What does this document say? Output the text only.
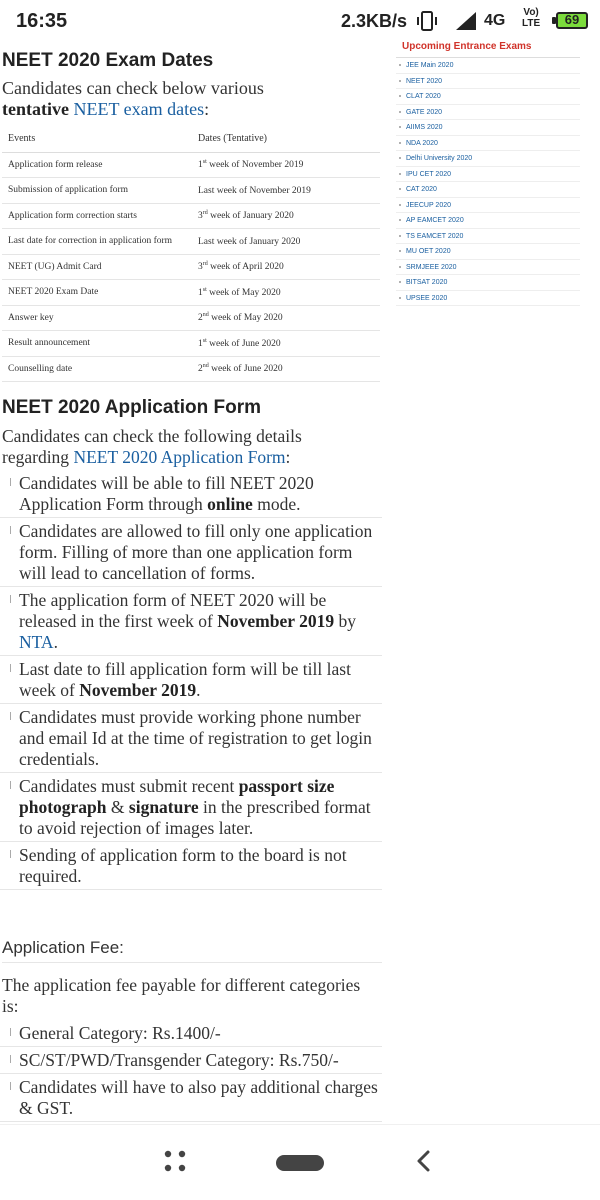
16:35	2.3KB/s	4G Vo)
LTE	69
NEET 2020 Exam Dates

Candidates can check below various
tentative NEET exam dates:

Events	Dates (Tentative)
Application form release	1st week of November 2019
Submission of application form	Last week of November 2019
Application form correction starts	3rd week of January 2020
Last date for correction in application form	Last week of January 2020
NEET (UG) Admit Card	3rd week of April 2020
NEET 2020 Exam Date	1st week of May 2020
Answer key	2nd week of May 2020
Result announcement	1st week of June 2020
Counselling date	2nd week of June 2020
NEET 2020 Application Form

Candidates can check the following details regarding NEET 2020 Application Form:

Candidates will be able to fill NEET 2020 Application Form through online mode.
Candidates are allowed to fill only one application form. Filling of more than one application form will lead to cancellation of forms.
The application form of NEET 2020 will be released in the first week of November 2019 by NTA.
Last date to fill application form will be till last week of November 2019.
Candidates must provide working phone number and email Id at the time of registration to get login credentials.
Candidates must submit recent passport size photograph & signature in the prescribed format to avoid rejection of images later.
Sending of application form to the board is not required.
Application Fee:

The application fee payable for different categories is:

General Category: Rs.1400/-
SC/ST/PWD/Transgender Category: Rs.750/-
Candidates will have to also pay additional charges & GST.
Upcoming Entrance Exams
JEE Main 2020
NEET 2020
CLAT 2020
GATE 2020
AIIMS 2020
NDA 2020
Delhi University 2020
IPU CET 2020
CAT 2020
JEECUP 2020
AP EAMCET 2020
TS EAMCET 2020
MU OET 2020
SRMJEEE 2020
BITSAT 2020
UPSEE 2020
